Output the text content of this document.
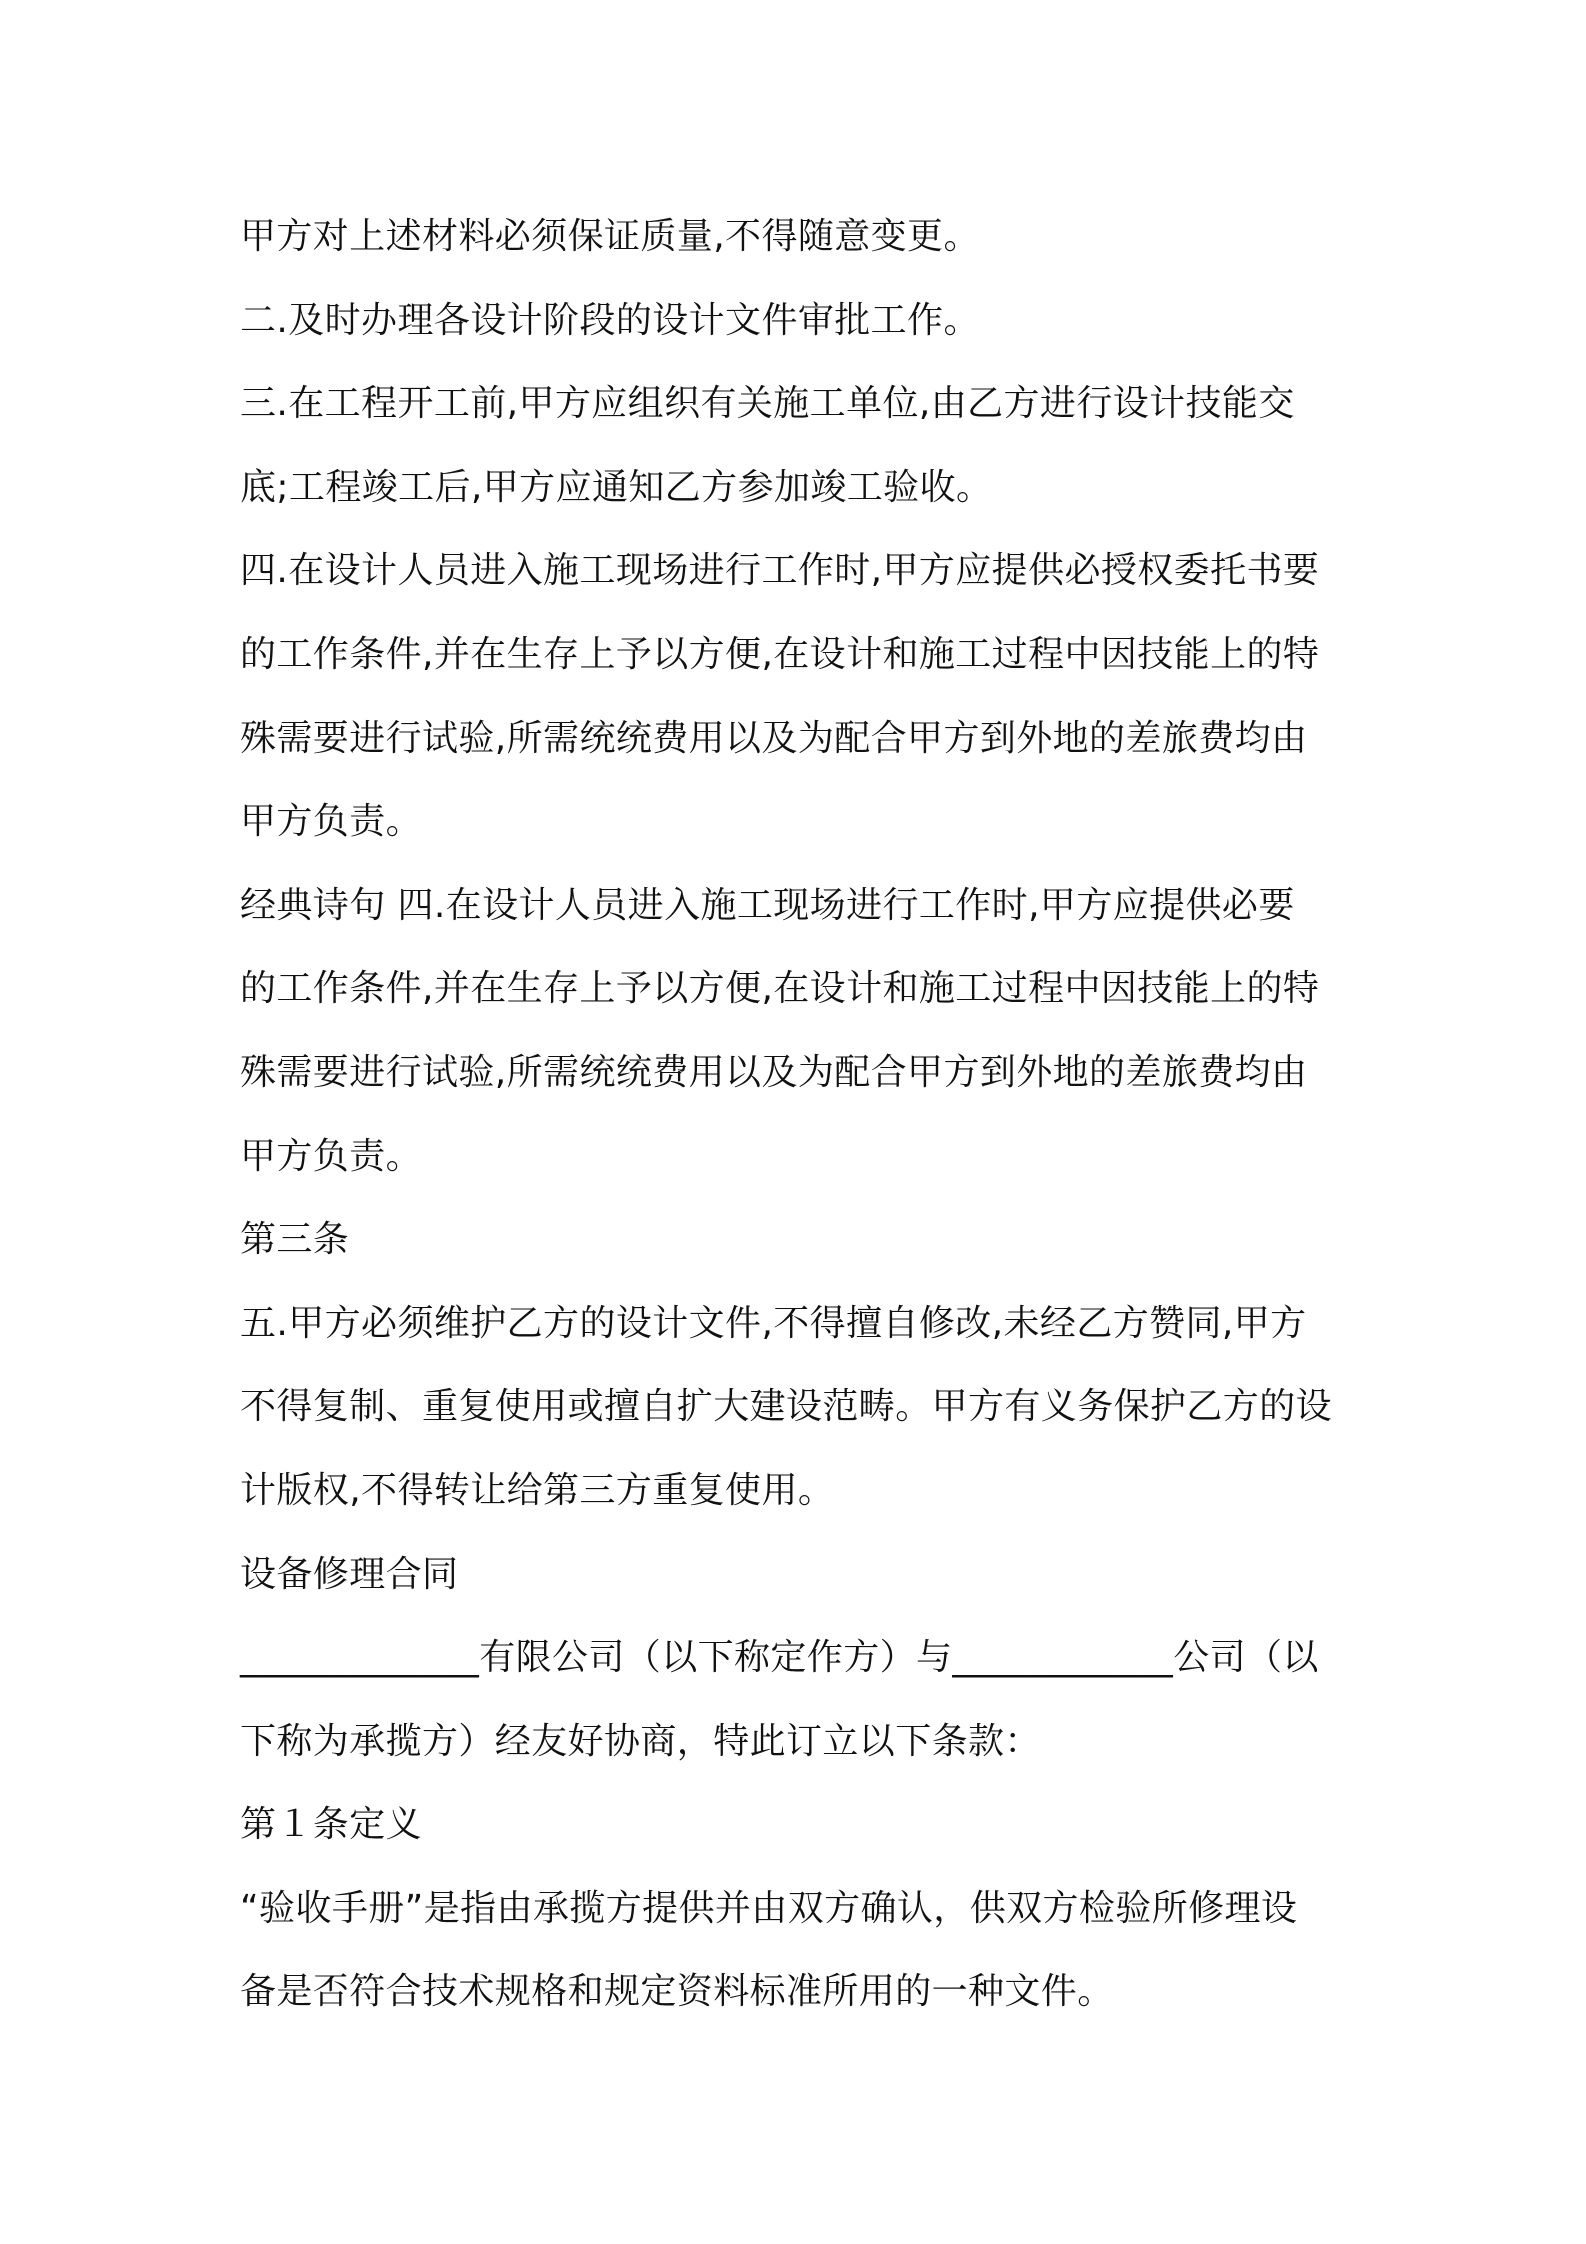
甲方对上述材料必须保证质量,不得随意变更。
二.及时办理各设计阶段的设计文件审批工作。
三.在工程开工前,甲方应组织有关施工单位,由乙方进行设计技能交
底;工程竣工后,甲方应通知乙方参加竣工验收。
四.在设计人员进入施工现场进行工作时,甲方应提供必授权委托书要
的工作条件,并在生存上予以方便,在设计和施工过程中因技能上的特
殊需要进行试验,所需统统费用以及为配合甲方到外地的差旅费均由
甲方负责。
经典诗句 四.在设计人员进入施工现场进行工作时,甲方应提供必要
的工作条件,并在生存上予以方便,在设计和施工过程中因技能上的特
殊需要进行试验,所需统统费用以及为配合甲方到外地的差旅费均由
甲方负责。
第三条
五.甲方必须维护乙方的设计文件,不得擅自修改,未经乙方赞同,甲方
不得复制、重复使用或擅自扩大建设范畴。甲方有义务保护乙方的设
计版权,不得转让给第三方重复使用。
设备修理合同
_____________有限公司（以下称定作方）与____________公司（以
下称为承揽方）经友好协商，特此订立以下条款：
第１条定义
“验收手册”是指由承揽方提供并由双方确认，供双方检验所修理设
备是否符合技术规格和规定资料标准所用的一种文件。
